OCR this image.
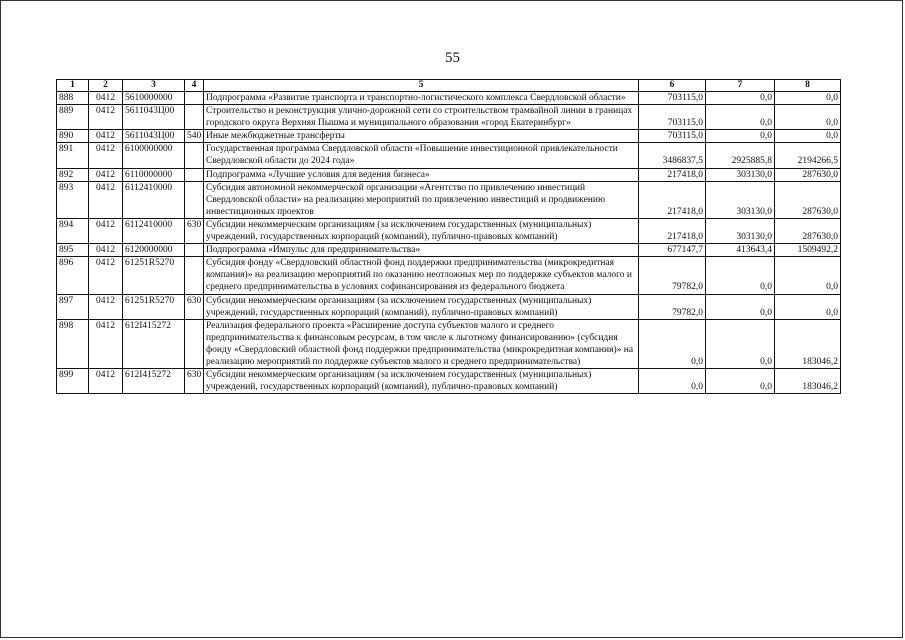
55
1	2	3	4	5	6	7	8
888	0412	5610000000		Подпрограмма «Развитие транспорта и транспортно-логистического комплекса Свердловской области»	703115,0	0,0	0,0
889	0412	5611043Ц00		Строительство и реконструкция улично-дорожной сети со строительством трамвайной линии в границах городского округа Верхняя Пышма и муниципального образования «город Екатеринбург»	703115,0	0,0	0,0
890	0412	5611043Ц00	540	Иные межбюджетные трансферты	703115,0	0,0	0,0
891	0412	6100000000		Государственная программа Свердловской области «Повышение инвестиционной привлекательности Свердловской области до 2024 года»	3486837,5	2925885,8	2194266,5
892	0412	6110000000		Подпрограмма «Лучшие условия для ведения бизнеса»	217418,0	303130,0	287630,0
893	0412	6112410000		Субсидия автономной некоммерческой организации «Агентство по привлечению инвестиций Свердловской области» на реализацию мероприятий по привлечению инвестиций и продвижению инвестиционных проектов	217418,0	303130,0	287630,0
894	0412	6112410000	630	Субсидии некоммерческим организациям (за исключением государственных (муниципальных) учреждений, государственных корпораций (компаний), публично-правовых компаний)	217418,0	303130,0	287630,0
895	0412	6120000000		Подпрограмма «Импульс для предпринимательства»	677147,7	413643,4	1509492,2
896	0412	61251R5270		Субсидия фонду «Свердловский областной фонд поддержки предпринимательства (микрокредитная компания)» на реализацию мероприятий по оказанию неотложных мер по поддержке субъектов малого и среднего предпринимательства в условиях софинансирования из федерального бюджета	79782,0	0,0	0,0
897	0412	61251R5270	630	Субсидии некоммерческим организациям (за исключением государственных (муниципальных) учреждений, государственных корпораций (компаний), публично-правовых компаний)	79782,0	0,0	0,0
898	0412	612I415272		Реализация федерального проекта «Расширение доступа субъектов малого и среднего предпринимательства к финансовым ресурсам, в том числе к льготному финансированию» (субсидия фонду «Свердловский областной фонд поддержки предпринимательства (микрокредитная компания)» на реализацию мероприятий по поддержке субъектов малого и среднего предпринимательства)	0,0	0,0	183046,2
899	0412	612I415272	630	Субсидии некоммерческим организациям (за исключением государственных (муниципальных) учреждений, государственных корпораций (компаний), публично-правовых компаний)	0,0	0,0	183046,2
